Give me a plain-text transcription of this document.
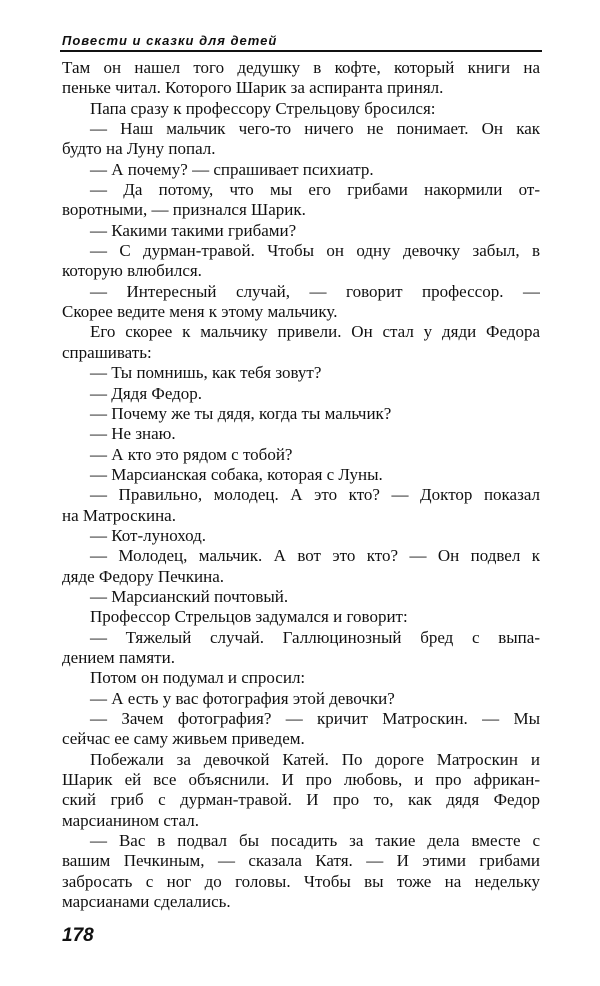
Повести и сказки для детей
Там он нашел того дедушку в кофте, который книги на
пеньке читал. Которого Шарик за аспиранта принял.
Папа сразу к профессору Стрельцову бросился:
— Наш мальчик чего-то ничего не понимает. Он как
будто на Луну попал.
— А почему? — спрашивает психиатр.
— Да потому, что мы его грибами накормили от-
воротными, — признался Шарик.
— Какими такими грибами?
— С дурман-травой. Чтобы он одну девочку забыл, в
которую влюбился.
— Интересный случай, — говорит профессор. —
Скорее ведите меня к этому мальчику.
Его скорее к мальчику привели. Он стал у дяди Федора
спрашивать:
— Ты помнишь, как тебя зовут?
— Дядя Федор.
— Почему же ты дядя, когда ты мальчик?
— Не знаю.
— А кто это рядом с тобой?
— Марсианская собака, которая с Луны.
— Правильно, молодец. А это кто? — Доктор показал
на Матроскина.
— Кот-луноход.
— Молодец, мальчик. А вот это кто? — Он подвел к
дяде Федору Печкина.
— Марсианский почтовый.
Профессор Стрельцов задумался и говорит:
— Тяжелый случай. Галлюцинозный бред с выпа-
дением памяти.
Потом он подумал и спросил:
— А есть у вас фотография этой девочки?
— Зачем фотография? — кричит Матроскин. — Мы
сейчас ее саму живьем приведем.
Побежали за девочкой Катей. По дороге Матроскин и
Шарик ей все объяснили. И про любовь, и про африкан-
ский гриб с дурман-травой. И про то, как дядя Федор
марсианином стал.
— Вас в подвал бы посадить за такие дела вместе с
вашим Печкиным, — сказала Катя. — И этими грибами
забросать с ног до головы. Чтобы вы тоже на недельку
марсианами сделались.
178
